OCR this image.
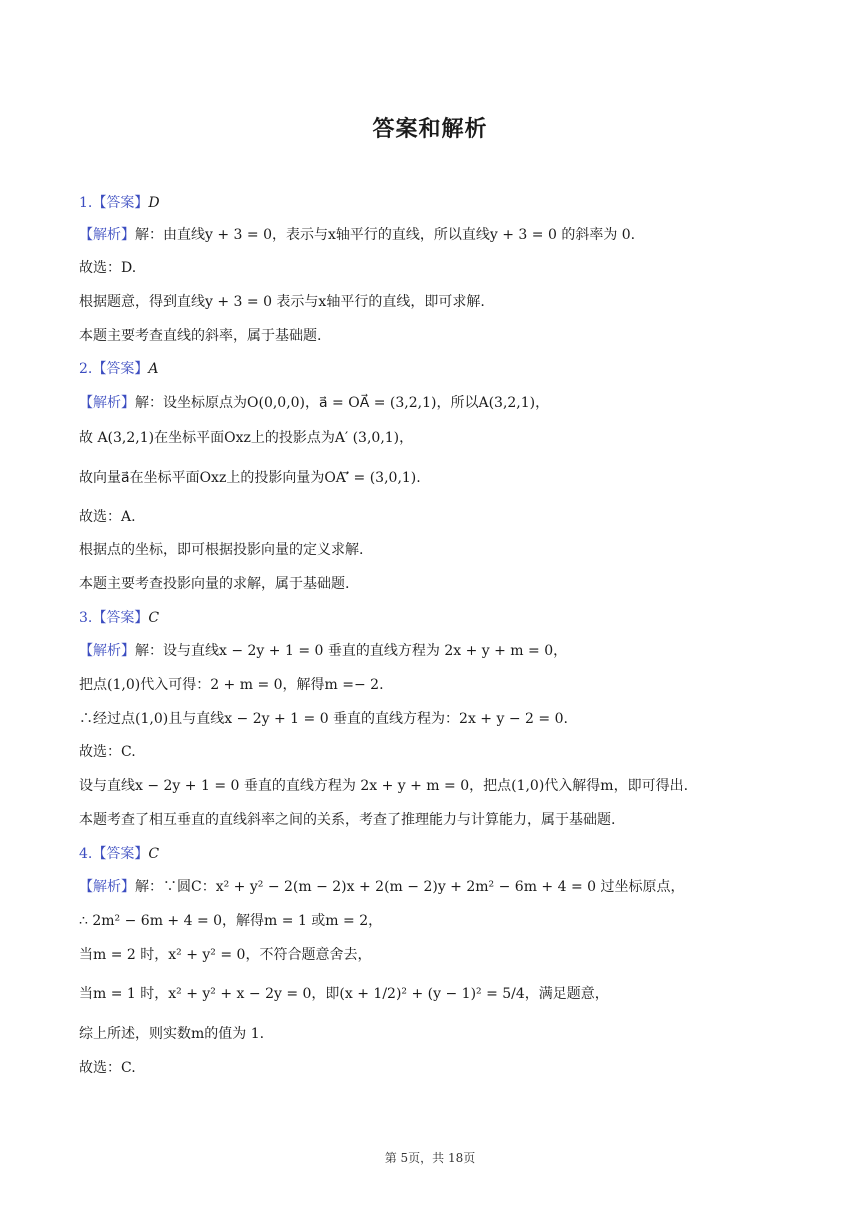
答案和解析
1.【答案】D
【解析】解：由直线y + 3 = 0，表示与x轴平行的直线，所以直线y + 3 = 0 的斜率为 0.
故选：D.
根据题意，得到直线y + 3 = 0 表示与x轴平行的直线，即可求解.
本题主要考查直线的斜率，属于基础题.
2.【答案】A
【解析】解：设坐标原点为O(0,0,0)，a⃗ = OA⃗ = (3,2,1)，所以A(3,2,1)，
故 A(3,2,1)在坐标平面Oxz上的投影点为A′ (3,0,1)，
故向量a⃗在坐标平面Oxz上的投影向量为OA′⃗ = (3,0,1).
故选：A.
根据点的坐标，即可根据投影向量的定义求解.
本题主要考查投影向量的求解，属于基础题.
3.【答案】C
【解析】解：设与直线x − 2y + 1 = 0 垂直的直线方程为 2x + y + m = 0，
把点(1,0)代入可得：2 + m = 0，解得m =− 2.
∴经过点(1,0)且与直线x − 2y + 1 = 0 垂直的直线方程为：2x + y − 2 = 0.
故选：C.
设与直线x − 2y + 1 = 0 垂直的直线方程为 2x + y + m = 0，把点(1,0)代入解得m，即可得出.
本题考查了相互垂直的直线斜率之间的关系，考查了推理能力与计算能力，属于基础题.
4.【答案】C
【解析】解：∵圆C：x² + y² − 2(m − 2)x + 2(m − 2)y + 2m² − 6m + 4 = 0 过坐标原点，
∴ 2m² − 6m + 4 = 0，解得m = 1 或m = 2，
当m = 2 时，x² + y² = 0，不符合题意舍去，
当m = 1 时，x² + y² + x − 2y = 0，即(x + 1/2)² + (y − 1)² = 5/4，满足题意，
综上所述，则实数m的值为 1.
故选：C.
第 5页，共 18页
